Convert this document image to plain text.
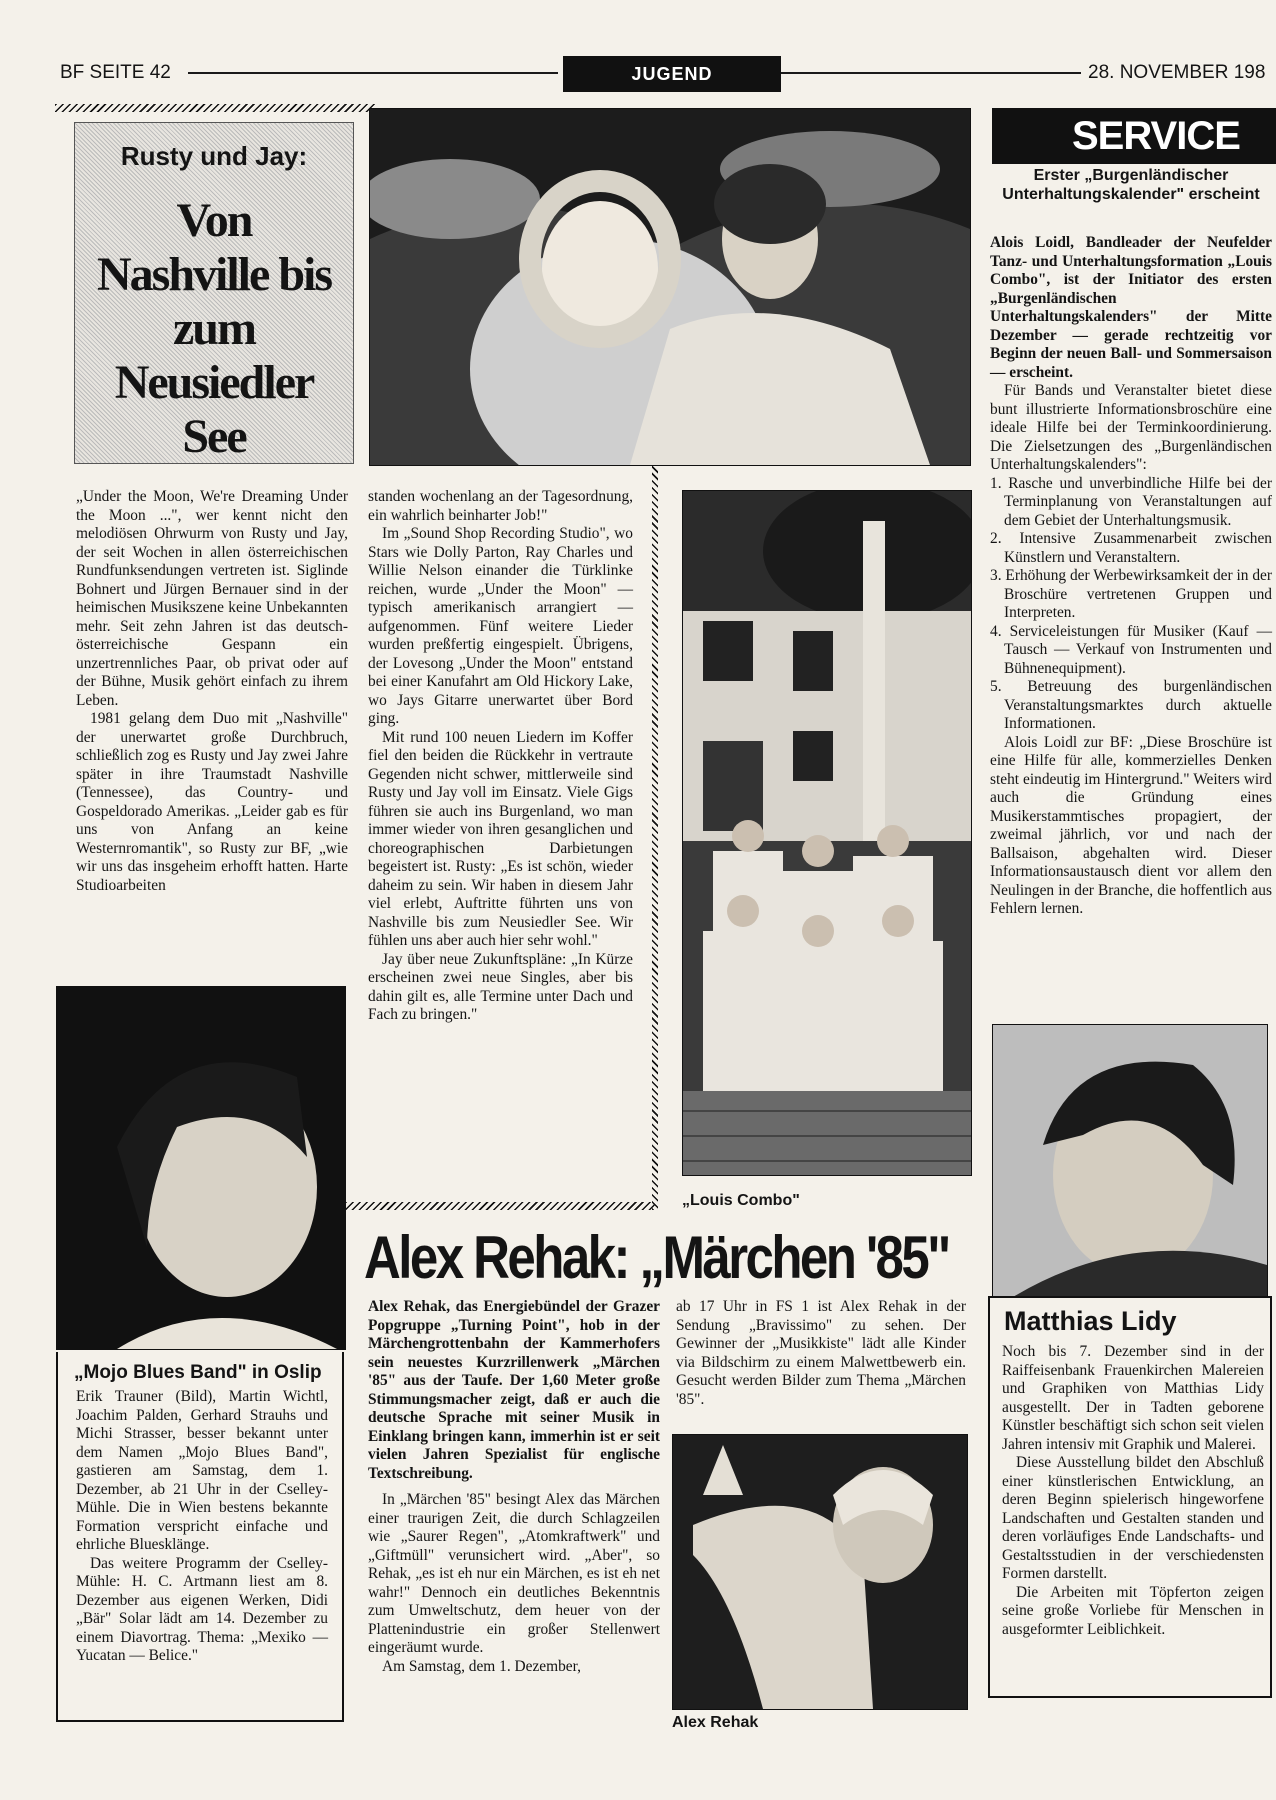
BF SEITE 42	JUGEND	28. NOVEMBER 198
Rusty und Jay:
Von Nashville bis zum Neusiedler See

„Under the Moon, We're Dreaming Under the Moon ...", wer kennt nicht den melodiösen Ohrwurm von Rusty und Jay, der seit Wochen in allen österreichischen Rundfunksendungen vertreten ist. Siglinde Bohnert und Jürgen Bernauer sind in der heimischen Musikszene keine Unbekannten mehr. Seit zehn Jahren ist das deutsch-österreichische Gespann ein unzertrennliches Paar, ob privat oder auf der Bühne, Musik gehört einfach zu ihrem Leben.

1981 gelang dem Duo mit „Nashville" der unerwartet große Durchbruch, schließlich zog es Rusty und Jay zwei Jahre später in ihre Traumstadt Nashville (Tennessee), das Country- und Gospeldorado Amerikas. „Leider gab es für uns von Anfang an keine Westernromantik", so Rusty zur BF, „wie wir uns das insgeheim erhofft hatten. Harte Studioarbeiten

standen wochenlang an der Tagesordnung, ein wahrlich beinharter Job!"

Im „Sound Shop Recording Studio", wo Stars wie Dolly Parton, Ray Charles und Willie Nelson einander die Türklinke reichen, wurde „Under the Moon" — typisch amerikanisch arrangiert — aufgenommen. Fünf weitere Lieder wurden preßfertig eingespielt. Übrigens, der Lovesong „Under the Moon" entstand bei einer Kanufahrt am Old Hickory Lake, wo Jays Gitarre unerwartet über Bord ging.

Mit rund 100 neuen Liedern im Koffer fiel den beiden die Rückkehr in vertraute Gegenden nicht schwer, mittlerweile sind Rusty und Jay voll im Einsatz. Viele Gigs führen sie auch ins Burgenland, wo man immer wieder von ihren gesanglichen und choreographischen Darbietungen begeistert ist. Rusty: „Es ist schön, wieder daheim zu sein. Wir haben in diesem Jahr viel erlebt, Auftritte führten uns von Nashville bis zum Neusiedler See. Wir fühlen uns aber auch hier sehr wohl."

Jay über neue Zukunftspläne: „In Kürze erscheinen zwei neue Singles, aber bis dahin gilt es, alle Termine unter Dach und Fach zu bringen."

„Louis Combo"
SERVICE
Erster „Burgenländischer Unterhaltungskalender" erscheint

Alois Loidl, Bandleader der Neufelder Tanz- und Unterhaltungsformation „Louis Combo", ist der Initiator des ersten „Burgenländischen Unterhaltungskalenders" der Mitte Dezember — gerade rechtzeitig vor Beginn der neuen Ball- und Sommersaison — erscheint.

Für Bands und Veranstalter bietet diese bunt illustrierte Informationsbroschüre eine ideale Hilfe bei der Terminkoordinierung. Die Zielsetzungen des „Burgenländischen Unterhaltungskalenders":

1. Rasche und unverbindliche Hilfe bei der Terminplanung von Veranstaltungen auf dem Gebiet der Unterhaltungsmusik.
2. Intensive Zusammenarbeit zwischen Künstlern und Veranstaltern.
3. Erhöhung der Werbewirksamkeit der in der Broschüre vertretenen Gruppen und Interpreten.
4. Serviceleistungen für Musiker (Kauf — Tausch — Verkauf von Instrumenten und Bühnenequipment).
5. Betreuung des burgenländischen Veranstaltungsmarktes durch aktuelle Informationen.

Alois Loidl zur BF: „Diese Broschüre ist eine Hilfe für alle, kommerzielles Denken steht eindeutig im Hintergrund." Weiters wird auch die Gründung eines Musikerstammtisches propagiert, der zweimal jährlich, vor und nach der Ballsaison, abgehalten wird. Dieser Informationsaustausch dient vor allem den Neulingen in der Branche, die hoffentlich aus Fehlern lernen.

„Mojo Blues Band" in Oslip

Erik Trauner (Bild), Martin Wichtl, Joachim Palden, Gerhard Strauhs und Michi Strasser, besser bekannt unter dem Namen „Mojo Blues Band", gastieren am Samstag, dem 1. Dezember, ab 21 Uhr in der Cselley-Mühle. Die in Wien bestens bekannte Formation verspricht einfache und ehrliche Bluesklänge.

Das weitere Programm der Cselley-Mühle: H. C. Artmann liest am 8. Dezember aus eigenen Werken, Didi „Bär" Solar lädt am 14. Dezember zu einem Diavortrag. Thema: „Mexiko — Yucatan — Belice."

Alex Rehak: „Märchen '85"

Alex Rehak, das Energiebündel der Grazer Popgruppe „Turning Point", hob in der Märchengrottenbahn der Kammerhofers sein neuestes Kurzrillenwerk „Märchen '85" aus der Taufe. Der 1,60 Meter große Stimmungsmacher zeigt, daß er auch die deutsche Sprache mit seiner Musik in Einklang bringen kann, immerhin ist er seit vielen Jahren Spezialist für englische Textschreibung.

In „Märchen '85" besingt Alex das Märchen einer traurigen Zeit, die durch Schlagzeilen wie „Saurer Regen", „Atomkraftwerk" und „Giftmüll" verunsichert wird. „Aber", so Rehak, „es ist eh nur ein Märchen, es ist eh net wahr!" Dennoch ein deutliches Bekenntnis zum Umweltschutz, dem heuer von der Plattenindustrie ein großer Stellenwert eingeräumt wurde.

Am Samstag, dem 1. Dezember,

ab 17 Uhr in FS 1 ist Alex Rehak in der Sendung „Bravissimo" zu sehen. Der Gewinner der „Musikkiste" lädt alle Kinder via Bildschirm zu einem Malwettbewerb ein. Gesucht werden Bilder zum Thema „Märchen '85".

Alex Rehak
Matthias Lidy

Noch bis 7. Dezember sind in der Raiffeisenbank Frauenkirchen Malereien und Graphiken von Matthias Lidy ausgestellt. Der in Tadten geborene Künstler beschäftigt sich schon seit vielen Jahren intensiv mit Graphik und Malerei.

Diese Ausstellung bildet den Abschluß einer künstlerischen Entwicklung, an deren Beginn spielerisch hingeworfene Landschaften und Gestalten standen und deren vorläufiges Ende Landschafts- und Gestaltsstudien in der verschiedensten Formen darstellt.

Die Arbeiten mit Töpferton zeigen seine große Vorliebe für Menschen in ausgeformter Leiblichkeit.
